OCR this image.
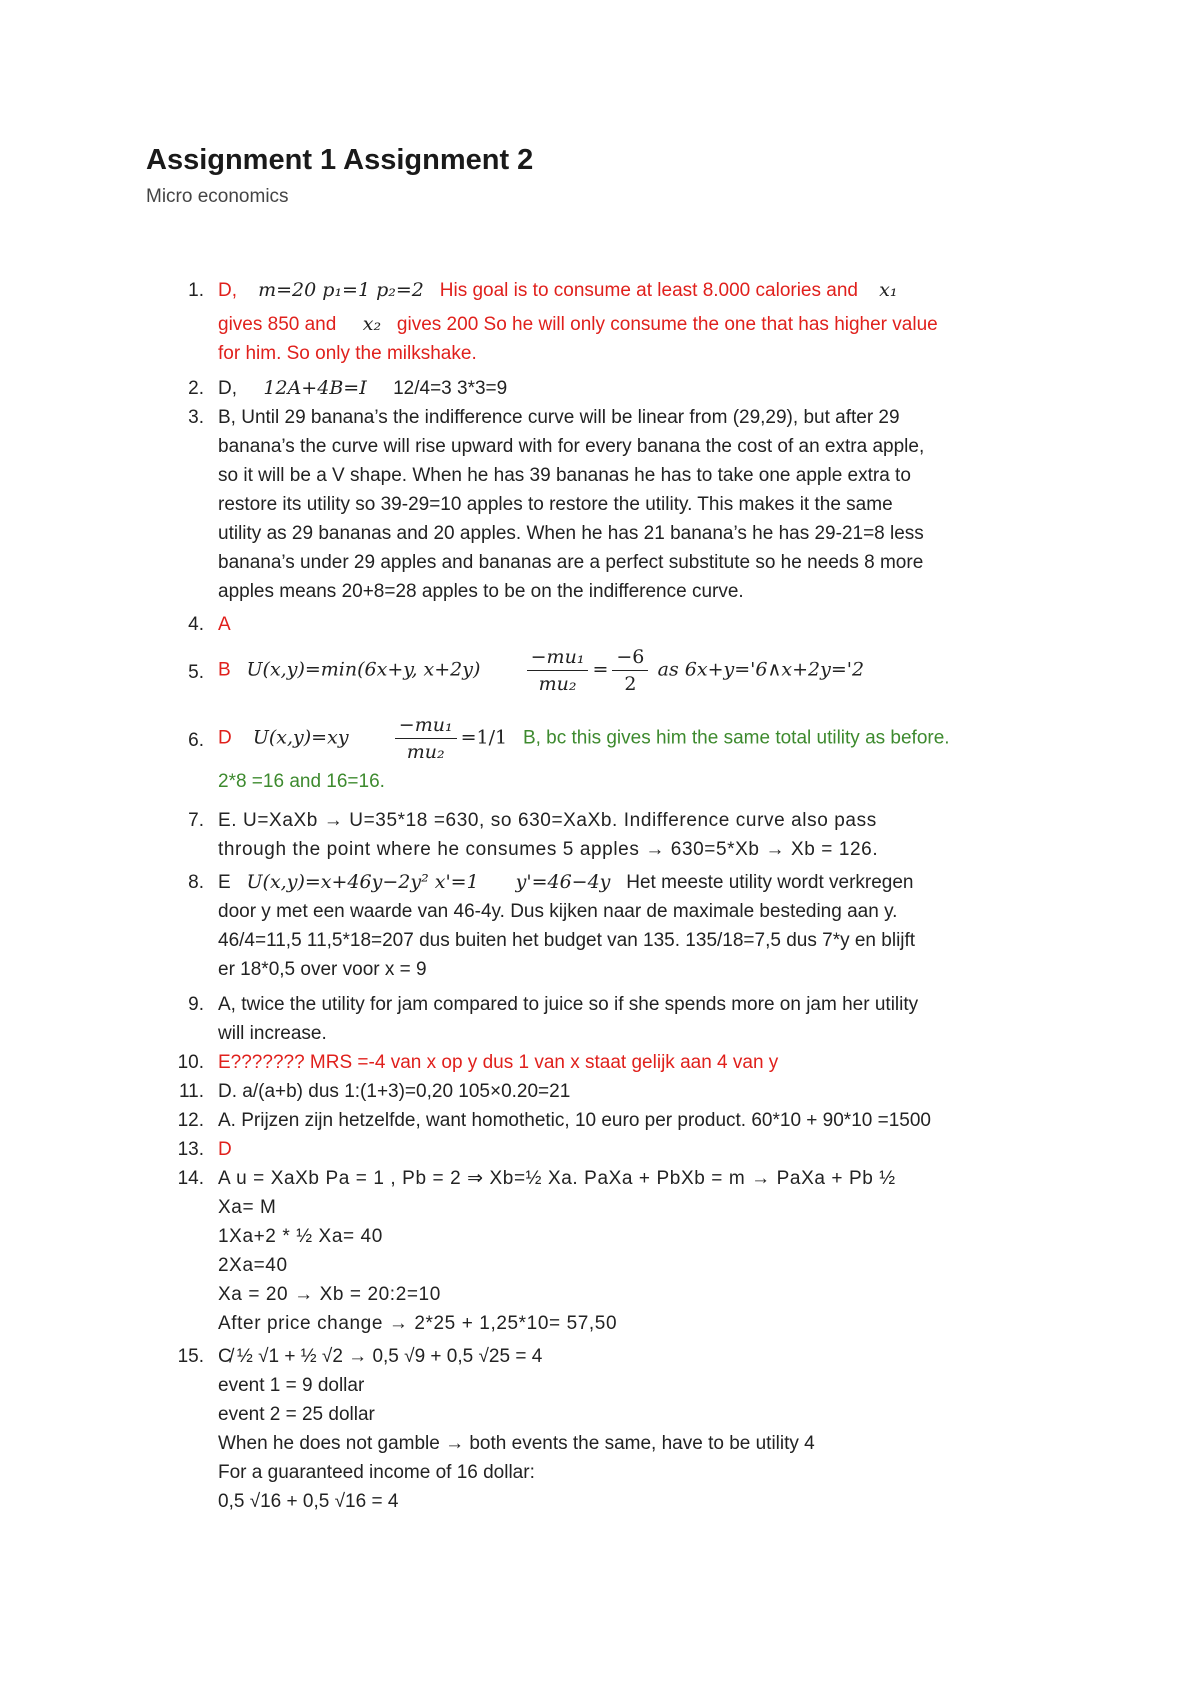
Assignment 1 Assignment 2
Micro economics
1. D, m=20 p₁=1 p₂=2 His goal is to consume at least 8.000 calories and x₁
gives 850 and x₂ gives 200 So he will only consume the one that has higher value
for him. So only the milkshake.
2. D, 12A+4B=I 12/4=3 3*3=9
3. B, Until 29 banana’s the indifference curve will be linear from (29,29), but after 29
banana’s the curve will rise upward with for every banana the cost of an extra apple,
so it will be a V shape. When he has 39 bananas he has to take one apple extra to
restore its utility so 39-29=10 apples to restore the utility. This makes it the same
utility as 29 bananas and 20 apples. When he has 21 banana’s he has 29-21=8 less
banana’s under 29 apples and bananas are a perfect substitute so he needs 8 more
apples means 20+8=28 apples to be on the indifference curve.
4. A
5. B U(x,y)=min(6x+y, $x+2y) \frac{\text{−mu₁}}{\text{mu₂}} = \frac{-6}{2}$ as 6x+y='6∧x+2y='2
6. D $U(x,y)=xy \frac{\text{−mu₁}}{\text{mu₂}} =1/1$ B, bc this gives him the same total utility as before.
2*8 =16 and 16=16.
7. E. U=XaXb → U=35*18 =630, so 630=XaXb. Indifference curve also pass
through the point where he consumes 5 apples → 630=5*Xb → Xb = 126.
8. E U(x,y)=x+46y−2y² x'=1 y'=46−4y Het meeste utility wordt verkregen
door y met een waarde van 46-4y. Dus kijken naar de maximale besteding aan y.
46/4=11,5 11,5*18=207 dus buiten het budget van 135. 135/18=7,5 dus 7*y en blijft
er 18*0,5 over voor x = 9
9. A, twice the utility for jam compared to juice so if she spends more on jam her utility
will increase.
10. E??????? MRS =-4 van x op y dus 1 van x staat gelijk aan 4 van y
11. D. a/(a+b) dus 1:(1+3)=0,20 105×0.20=21
12. A. Prijzen zijn hetzelfde, want homothetic, 10 euro per product. 60*10 + 90*10 =1500
13. D
14. A u = XaXb Pa = 1 , Pb = 2 ⇒ Xb=½ Xa. PaXa + PbXb = m → PaXa + Pb ½
Xa= M
1Xa+2 * ½ Xa= 40
2Xa=40
Xa = 20 → Xb = 20:2=10
After price change → 2*25 + 1,25*10= 57,50
15. C̸ ½ √1 + ½ √2 → 0,5 √9 + 0,5 √25 = 4
event 1 = 9 dollar
event 2 = 25 dollar
When he does not gamble → both events the same, have to be utility 4
For a guaranteed income of 16 dollar:
0,5 √16 + 0,5 √16 = 4
